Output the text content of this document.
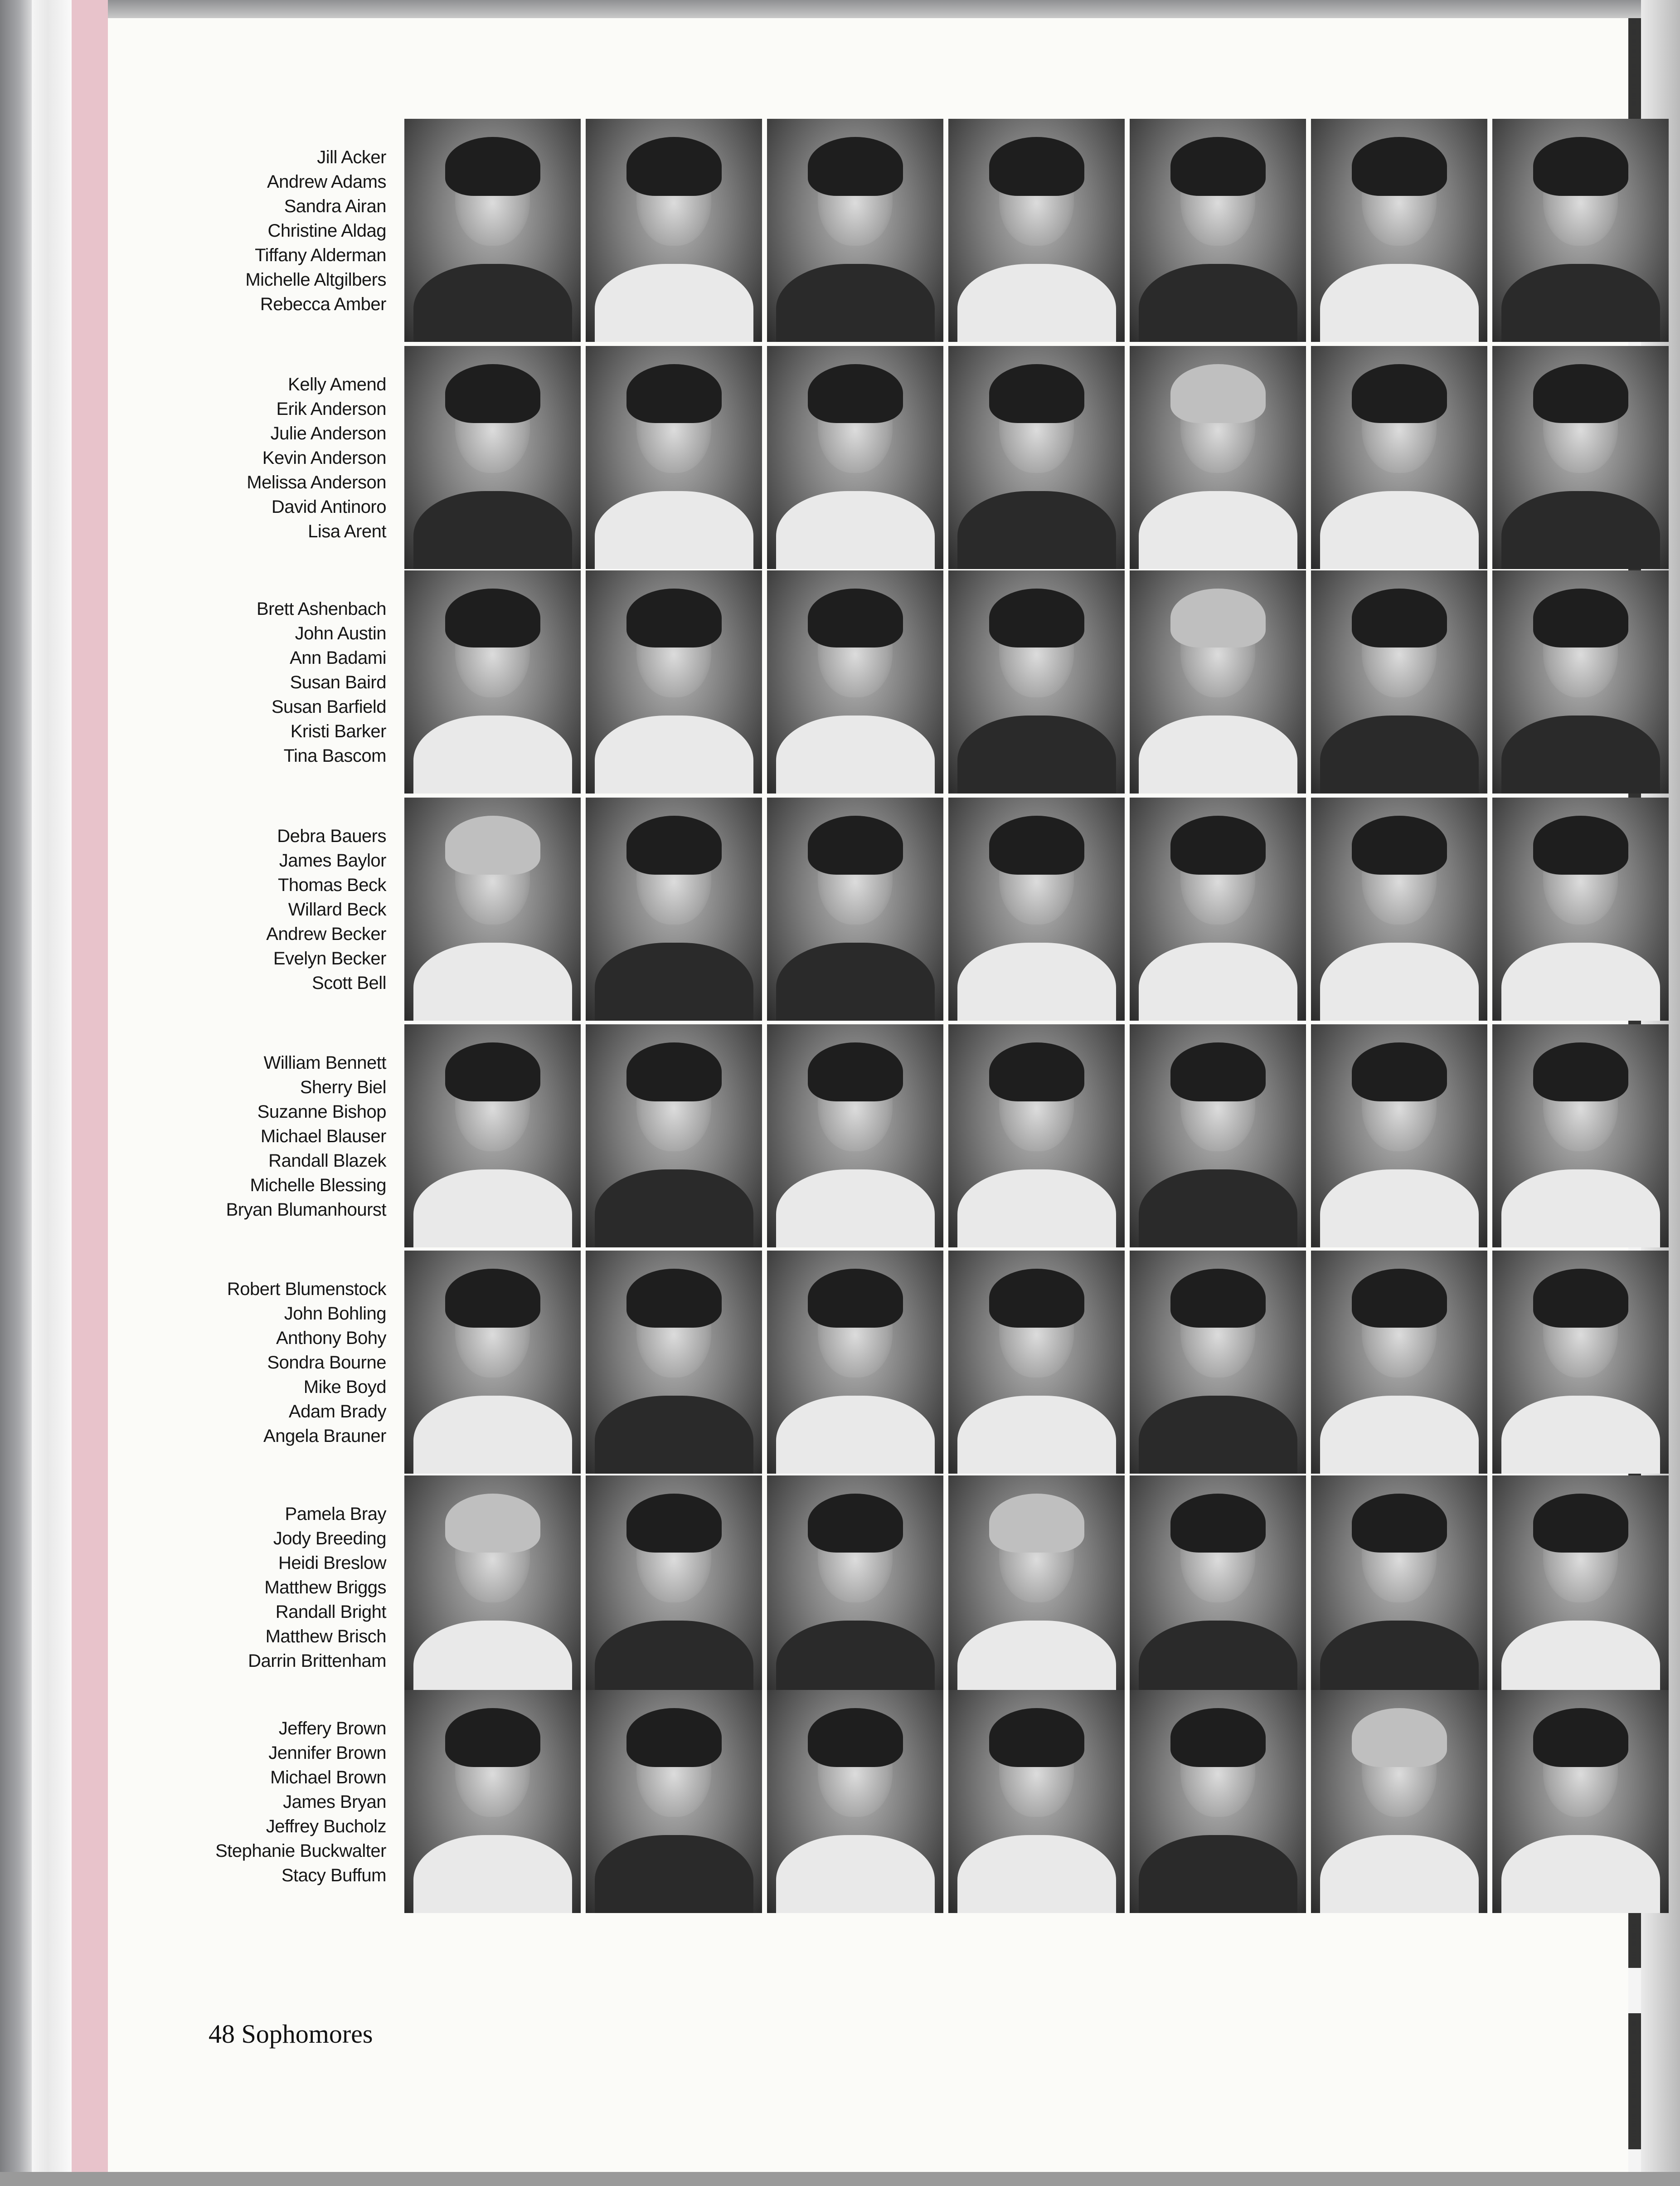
Jill Acker
Andrew Adams
Sandra Airan
Christine Aldag
Tiffany Alderman
Michelle Altgilbers
Rebecca Amber
Kelly Amend
Erik Anderson
Julie Anderson
Kevin Anderson
Melissa Anderson
David Antinoro
Lisa Arent
Brett Ashenbach
John Austin
Ann Badami
Susan Baird
Susan Barfield
Kristi Barker
Tina Bascom
Debra Bauers
James Baylor
Thomas Beck
Willard Beck
Andrew Becker
Evelyn Becker
Scott Bell
William Bennett
Sherry Biel
Suzanne Bishop
Michael Blauser
Randall Blazek
Michelle Blessing
Bryan Blumanhourst
Robert Blumenstock
John Bohling
Anthony Bohy
Sondra Bourne
Mike Boyd
Adam Brady
Angela Brauner
Pamela Bray
Jody Breeding
Heidi Breslow
Matthew Briggs
Randall Bright
Matthew Brisch
Darrin Brittenham
Jeffery Brown
Jennifer Brown
Michael Brown
James Bryan
Jeffrey Bucholz
Stephanie Buckwalter
Stacy Buffum
48 Sophomores
